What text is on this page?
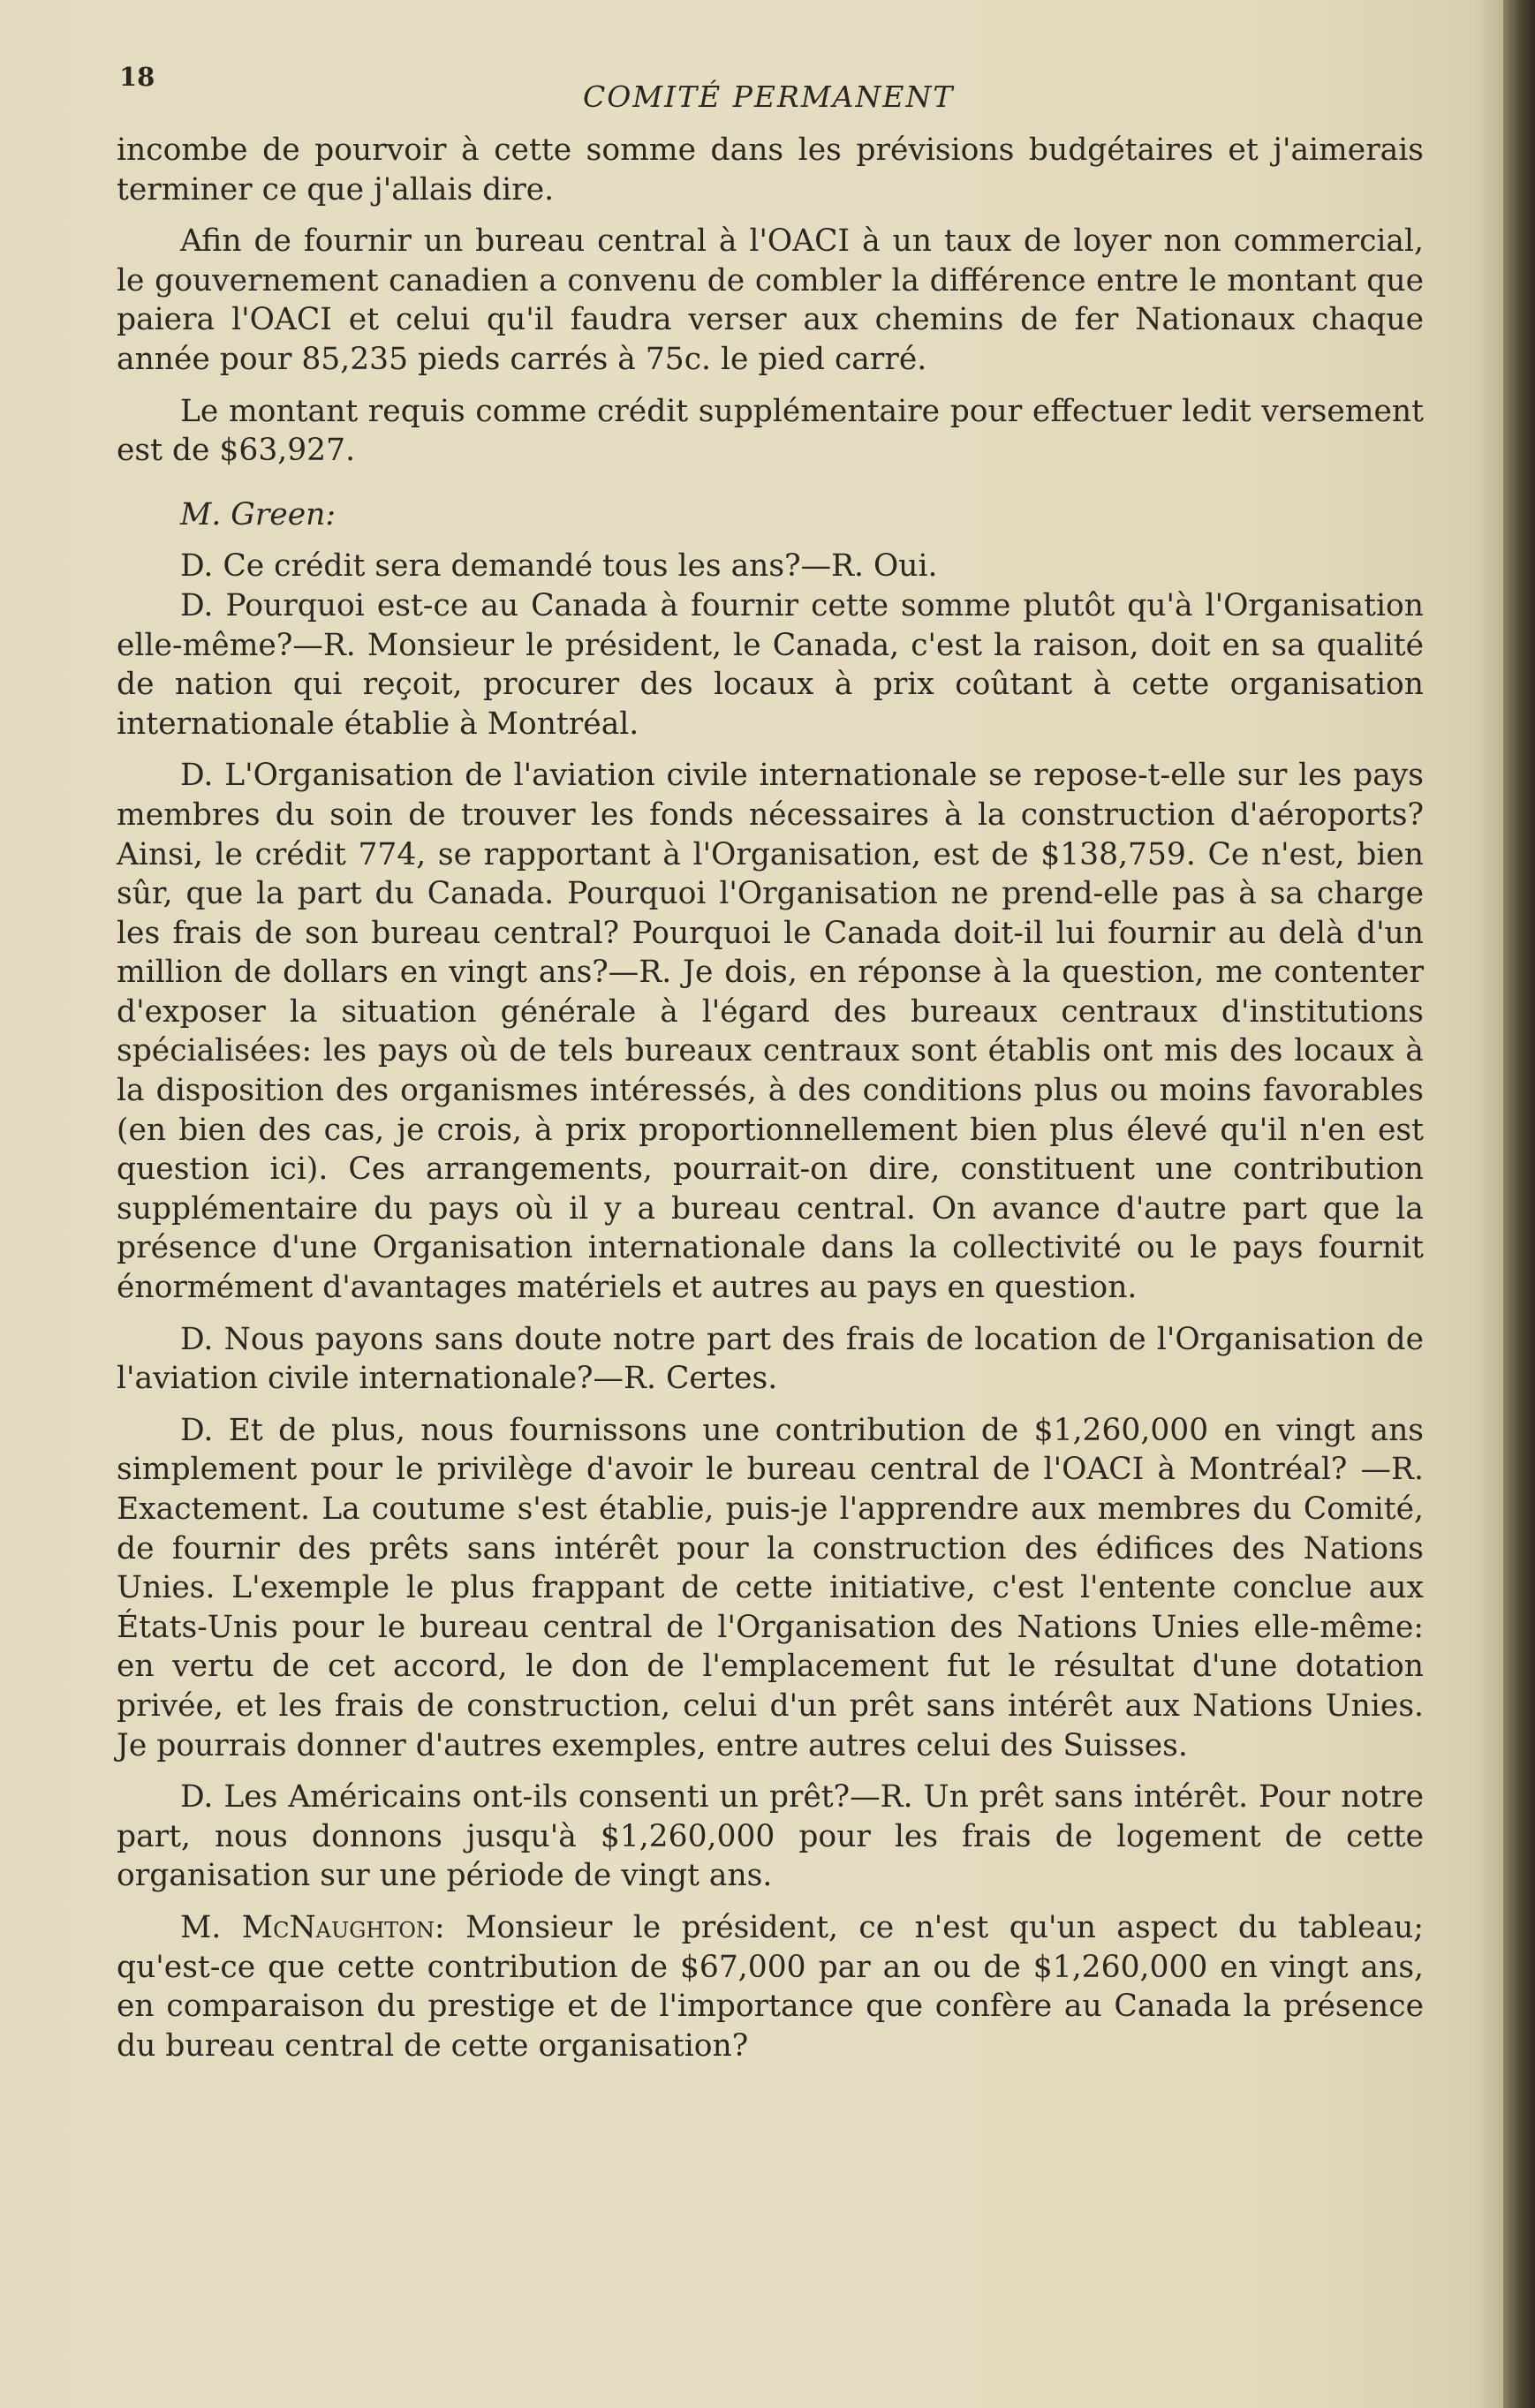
18
COMITÉ PERMANENT

incombe de pourvoir à cette somme dans les prévisions budgétaires et j'aimerais terminer ce que j'allais dire.

Afin de fournir un bureau central à l'OACI à un taux de loyer non commercial, le gouvernement canadien a convenu de combler la différence entre le montant que paiera l'OACI et celui qu'il faudra verser aux chemins de fer Nationaux chaque année pour 85,235 pieds carrés à 75c. le pied carré.

Le montant requis comme crédit supplémentaire pour effectuer ledit versement est de $63,927.

M. Green:

D. Ce crédit sera demandé tous les ans?—R. Oui.

D. Pourquoi est-ce au Canada à fournir cette somme plutôt qu'à l'Organisation elle-même?—R. Monsieur le président, le Canada, c'est la raison, doit en sa qualité de nation qui reçoit, procurer des locaux à prix coûtant à cette organisation internationale établie à Montréal.

D. L'Organisation de l'aviation civile internationale se repose-t-elle sur les pays membres du soin de trouver les fonds nécessaires à la construction d'aéroports? Ainsi, le crédit 774, se rapportant à l'Organisation, est de $138,759. Ce n'est, bien sûr, que la part du Canada. Pourquoi l'Organisation ne prend-elle pas à sa charge les frais de son bureau central? Pourquoi le Canada doit-il lui fournir au delà d'un million de dollars en vingt ans?—R. Je dois, en réponse à la question, me contenter d'exposer la situation générale à l'égard des bureaux centraux d'institutions spécialisées: les pays où de tels bureaux centraux sont établis ont mis des locaux à la disposition des organismes intéressés, à des conditions plus ou moins favorables (en bien des cas, je crois, à prix proportionnellement bien plus élevé qu'il n'en est question ici). Ces arrangements, pourrait-on dire, constituent une contribution supplémentaire du pays où il y a bureau central. On avance d'autre part que la présence d'une Organisation internationale dans la collectivité ou le pays fournit énormément d'avantages matériels et autres au pays en question.

D. Nous payons sans doute notre part des frais de location de l'Organisation de l'aviation civile internationale?—R. Certes.

D. Et de plus, nous fournissons une contribution de $1,260,000 en vingt ans simplement pour le privilège d'avoir le bureau central de l'OACI à Montréal? —R. Exactement. La coutume s'est établie, puis-je l'apprendre aux membres du Comité, de fournir des prêts sans intérêt pour la construction des édifices des Nations Unies. L'exemple le plus frappant de cette initiative, c'est l'entente conclue aux États-Unis pour le bureau central de l'Organisation des Nations Unies elle-même: en vertu de cet accord, le don de l'emplacement fut le résultat d'une dotation privée, et les frais de construction, celui d'un prêt sans intérêt aux Nations Unies. Je pourrais donner d'autres exemples, entre autres celui des Suisses.

D. Les Américains ont-ils consenti un prêt?—R. Un prêt sans intérêt. Pour notre part, nous donnons jusqu'à $1,260,000 pour les frais de logement de cette organisation sur une période de vingt ans.

M. McNaughton: Monsieur le président, ce n'est qu'un aspect du tableau; qu'est-ce que cette contribution de $67,000 par an ou de $1,260,000 en vingt ans, en comparaison du prestige et de l'importance que confère au Canada la présence du bureau central de cette organisation?
